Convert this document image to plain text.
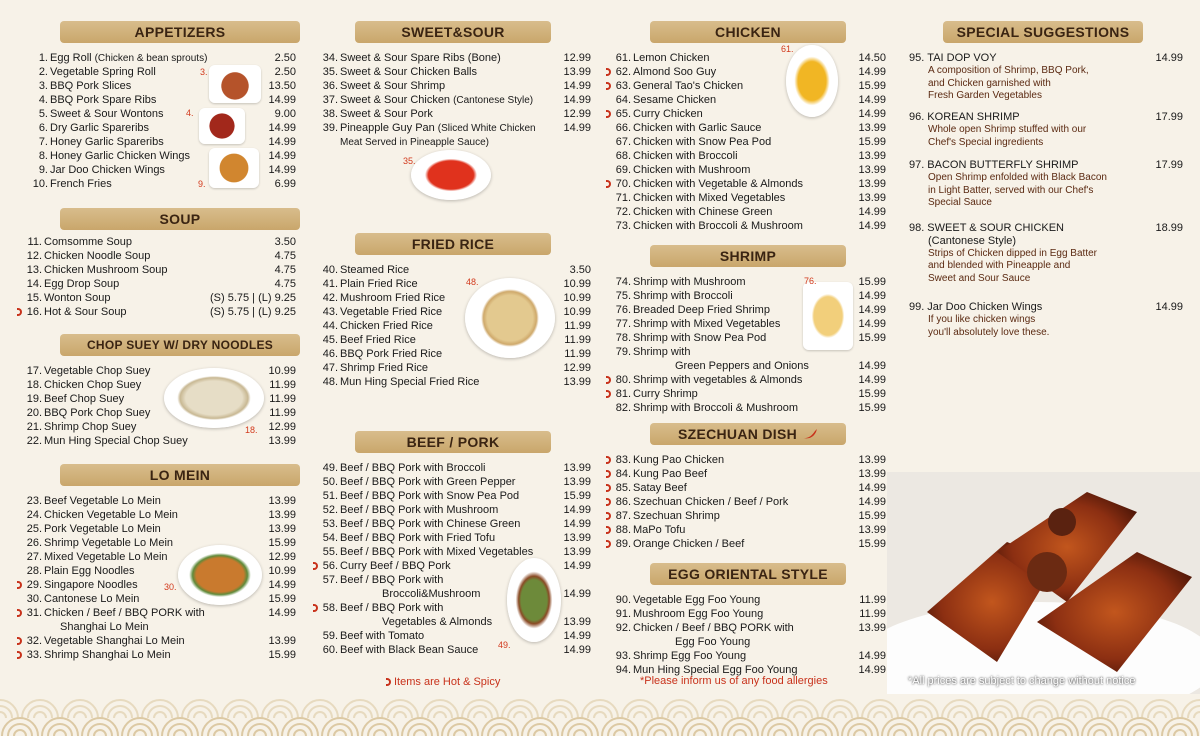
APPETIZERS
1. Egg Roll (Chicken & bean sprouts)	2.50
2. Vegetable Spring Roll	2.50
3. BBQ Pork Slices	13.50
4. BBQ Pork Spare Ribs	14.99
5. Sweet & Sour Wontons	9.00
6. Dry Garlic Spareribs	14.99
7. Honey Garlic Spareribs	14.99
8. Honey Garlic Chicken Wings	14.99
9. Jar Doo Chicken Wings	14.99
10. French Fries	6.99
SOUP
11. Comsomme Soup	3.50
12. Chicken Noodle Soup	4.75
13. Chicken Mushroom Soup	4.75
14. Egg Drop Soup	4.75
15. Wonton Soup	(S) 5.75 | (L) 9.25
16. Hot & Sour Soup	(S) 5.75 | (L) 9.25
CHOP SUEY W/ DRY NOODLES
17. Vegetable Chop Suey	10.99
18. Chicken Chop Suey	11.99
19. Beef Chop Suey	11.99
20. BBQ Pork Chop Suey	11.99
21. Shrimp Chop Suey	12.99
22. Mun Hing Special Chop Suey	13.99
LO MEIN
23. Beef Vegetable Lo Mein	13.99
24. Chicken Vegetable Lo Mein	13.99
25. Pork Vegetable Lo Mein	13.99
26. Shrimp Vegetable Lo Mein	15.99
27. Mixed Vegetable Lo Mein	12.99
28. Plain Egg Noodles	10.99
29. Singapore Noodles	14.99
30. Cantonese Lo Mein	15.99
31. Chicken / Beef / BBQ PORK with	14.99
Shanghai Lo Mein
32. Vegetable Shanghai Lo Mein	13.99
33. Shrimp Shanghai Lo Mein	15.99
SWEET&SOUR
34. Sweet & Sour Spare Ribs (Bone)	12.99
35. Sweet & Sour Chicken Balls	13.99
36. Sweet & Sour Shrimp	14.99
37. Sweet & Sour Chicken (Cantonese Style)	14.99
38. Sweet & Sour Pork	12.99
39. Pineapple Guy Pan (Sliced White Chicken	14.99
Meat Served in Pineapple Sauce)
FRIED RICE
40. Steamed Rice	3.50
41. Plain Fried Rice	10.99
42. Mushroom Fried Rice	10.99
43. Vegetable Fried Rice	10.99
44. Chicken Fried Rice	11.99
45. Beef Fried Rice	11.99
46. BBQ Pork Fried Rice	11.99
47. Shrimp Fried Rice	12.99
48. Mun Hing Special Fried Rice	13.99
BEEF / PORK
49. Beef / BBQ Pork with Broccoli	13.99
50. Beef / BBQ Pork with Green Pepper	13.99
51. Beef / BBQ Pork with Snow Pea Pod	15.99
52. Beef / BBQ Pork with Mushroom	14.99
53. Beef / BBQ Pork with Chinese Green	14.99
54. Beef / BBQ Pork with Fried Tofu	13.99
55. Beef / BBQ Pork with Mixed Vegetables	13.99
56. Curry Beef / BBQ Pork	14.99
57. Beef / BBQ Pork with
Broccoli&Mushroom	14.99
58. Beef / BBQ Pork with
Vegetables & Almonds	13.99
59. Beef with Tomato	14.99
60. Beef with Black Bean Sauce	14.99
Items are Hot & Spicy
CHICKEN
61. Lemon Chicken	14.50
62. Almond Soo Guy	14.99
63. General Tao's Chicken	15.99
64. Sesame Chicken	14.99
65. Curry Chicken	14.99
66. Chicken with Garlic Sauce	13.99
67. Chicken with Snow Pea Pod	15.99
68. Chicken with Broccoli	13.99
69. Chicken with Mushroom	13.99
70. Chicken with Vegetable & Almonds	13.99
71. Chicken with Mixed Vegetables	13.99
72. Chicken with Chinese Green	14.99
73. Chicken with Broccoli & Mushroom	14.99
SHRIMP
74. Shrimp with Mushroom	15.99
75. Shrimp with Broccoli	14.99
76. Breaded Deep Fried Shrimp	14.99
77. Shrimp with Mixed Vegetables	14.99
78. Shrimp with Snow Pea Pod	15.99
79. Shrimp with
Green Peppers and Onions	14.99
80. Shrimp with vegetables & Almonds	14.99
81. Curry Shrimp	15.99
82. Shrimp with Broccoli & Mushroom	15.99
SZECHUAN DISH
83. Kung Pao Chicken	13.99
84. Kung Pao Beef	13.99
85. Satay Beef	14.99
86. Szechuan Chicken / Beef / Pork	14.99
87. Szechuan Shrimp	15.99
88. MaPo Tofu	13.99
89. Orange Chicken / Beef	15.99
EGG ORIENTAL STYLE
90. Vegetable Egg Foo Young	11.99
91. Mushroom Egg Foo Young	11.99
92. Chicken / Beef / BBQ PORK with	13.99
Egg Foo Young
93. Shrimp Egg Foo Young	14.99
94. Mun Hing Special Egg Foo Young	14.99
*Please inform us of any food allergies
SPECIAL SUGGESTIONS
95. TAI DOP VOY	14.99
A composition of Shrimp, BBQ Pork,
and Chicken garnished with
Fresh Garden Vegetables
96. KOREAN SHRIMP	17.99
Whole open Shrimp stuffed with our
Chef's Special ingredients
97. BACON BUTTERFLY SHRIMP	17.99
Open Shrimp enfolded with Black Bacon
in Light Batter, served with our Chef's
Special Sauce
98. SWEET & SOUR CHICKEN	18.99
(Cantonese Style)
Strips of Chicken dipped in Egg Batter
and blended with Pineapple and
Sweet and Sour Sauce
99. Jar Doo Chicken Wings	14.99
If you like chicken wings
you'll absolutely love these.
3.
4.
9.
18.
30.
35.
48.
49.
61.
76.
*All prices are subject to change without notice
